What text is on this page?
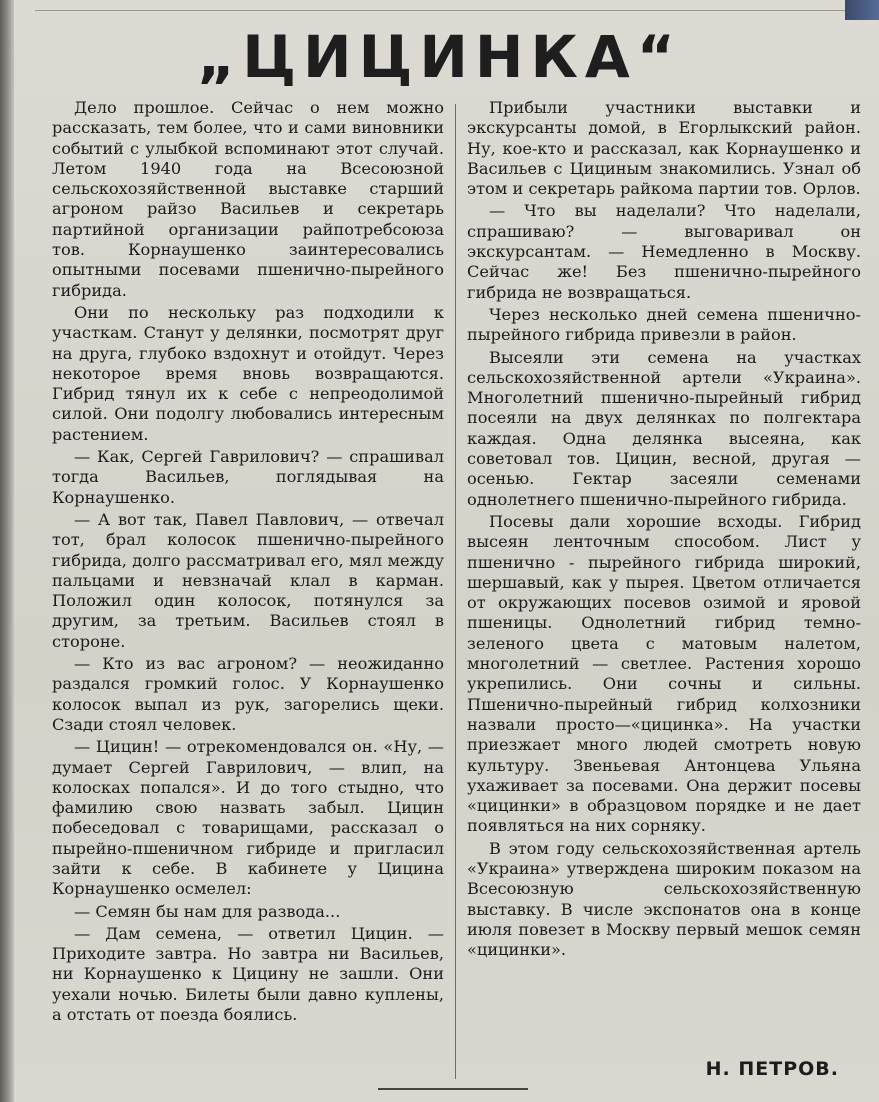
„ЦИЦИНКА“

Дело прошлое. Сейчас о нем можно рассказать, тем более, что и сами виновники событий с улыбкой вспоминают этот случай. Летом 1940 года на Всесоюзной сельскохозяйственной выставке старший агроном райзо Васильев и секретарь партийной организации райпотребсоюза тов. Корнаушенко заинтересовались опытными посевами пшенично-пырейного гибрида.

Они по нескольку раз подходили к участкам. Станут у делянки, посмотрят друг на друга, глубоко вздохнут и отойдут. Через некоторое время вновь возвращаются. Гибрид тянул их к себе с непреодолимой силой. Они подолгу любовались интересным растением.

— Как, Сергей Гаврилович? — спрашивал тогда Васильев, поглядывая на Корнаушенко.

— А вот так, Павел Павлович, — отвечал тот, брал колосок пшенично-пырейного гибрида, долго рассматривал его, мял между пальцами и невзначай клал в карман. Положил один колосок, потянулся за другим, за третьим. Васильев стоял в стороне.

— Кто из вас агроном? — неожиданно раздался громкий голос. У Корнаушенко колосок выпал из рук, загорелись щеки. Сзади стоял человек.

— Цицин! — отрекомендовался он. «Ну, — думает Сергей Гаврилович, — влип, на колосках попался». И до того стыдно, что фамилию свою назвать забыл. Цицин побеседовал с товарищами, рассказал о пырейно-пшеничном гибриде и пригласил зайти к себе. В кабинете у Цицина Корнаушенко осмелел:

— Семян бы нам для развода...

— Дам семена, — ответил Цицин. — Приходите завтра. Но завтра ни Васильев, ни Корнаушенко к Цицину не зашли. Они уехали ночью. Билеты были давно куплены, а отстать от поезда боялись.

Прибыли участники выставки и экскурсанты домой, в Егорлыкский район. Ну, кое-кто и рассказал, как Корнаушенко и Васильев с Цициным знакомились. Узнал об этом и секретарь райкома партии тов. Орлов.

— Что вы наделали? Что наделали, спрашиваю? — выговаривал он экскурсантам. — Немедленно в Москву. Сейчас же! Без пшенично-пырейного гибрида не возвращаться.

Через несколько дней семена пшенично-пырейного гибрида привезли в район.

Высеяли эти семена на участках сельскохозяйственной артели «Украина». Многолетний пшенично-пырейный гибрид посеяли на двух делянках по полгектара каждая. Одна делянка высеяна, как советовал тов. Цицин, весной, другая — осенью. Гектар засеяли семенами однолетнего пшенично-пырейного гибрида.

Посевы дали хорошие всходы. Гибрид высеян ленточным способом. Лист у пшенично - пырейного гибрида широкий, шершавый, как у пырея. Цветом отличается от окружающих посевов озимой и яровой пшеницы. Однолетний гибрид темно-зеленого цвета с матовым налетом, многолетний — светлее. Растения хорошо укрепились. Они сочны и сильны. Пшенично-пырейный гибрид колхозники назвали просто—«цицинка». На участки приезжает много людей смотреть новую культуру. Звеньевая Антонцева Ульяна ухаживает за посевами. Она держит посевы «цицинки» в образцовом порядке и не дает появляться на них сорняку.

В этом году сельскохозяйственная артель «Украина» утверждена широким показом на Всесоюзную сельскохозяйственную выставку. В числе экспонатов она в конце июля повезет в Москву первый мешок семян «цицинки».

Н. ПЕТРОВ.
